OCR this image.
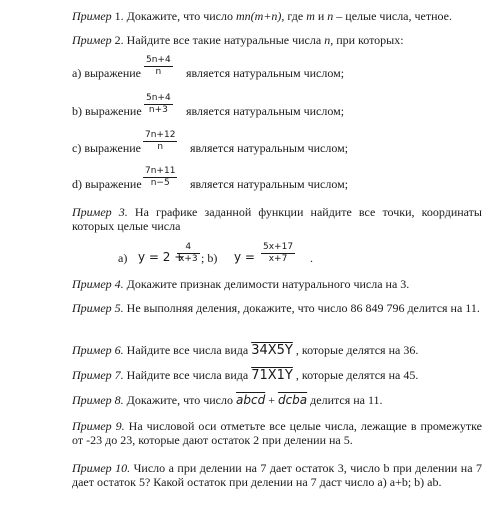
Пример 1. Докажите, что число mn(m+n), где m и n – целые числа, четное.
Пример 2. Найдите все такие натуральные числа n, при которых:
а) выражение $\frac{5n+4}{n}$ является натуральным числом;
b) выражение $\frac{5n+4}{n+3}$ является натуральным числом;
c) выражение $\frac{7n+12}{n}$ является натуральным числом;
d) выражение $\frac{7n+11}{n-5}$ является натуральным числом;
Пример 3. На графике заданной функции найдите все точки, координаты которых целые числа
а) y = 2 +
$\frac{4}{x+3}$ ; b) $y = \frac{5x+17}{x+7}$ .
Пример 4. Докажите признак делимости натурального числа на 3.
Пример 5. Не выполняя деления, докажите, что число 86 849 796 делится на 11.
Пример 6. Найдите все числа вида 34X5Y , которые делятся на 36.
Пример 7. Найдите все числа вида 71X1Y , которые делятся на 45.
Пример 8. Докажите, что число abcd + dcba делится на 11.
Пример 9. На числовой оси отметьте все целые числа, лежащие в промежутке от -23 до 23, которые дают остаток 2 при делении на 5.
Пример 10. Число a при делении на 7 дает остаток 3, число b при делении на 7 дает остаток 5? Какой остаток при делении на 7 даст число а) a+b; b) ab.
